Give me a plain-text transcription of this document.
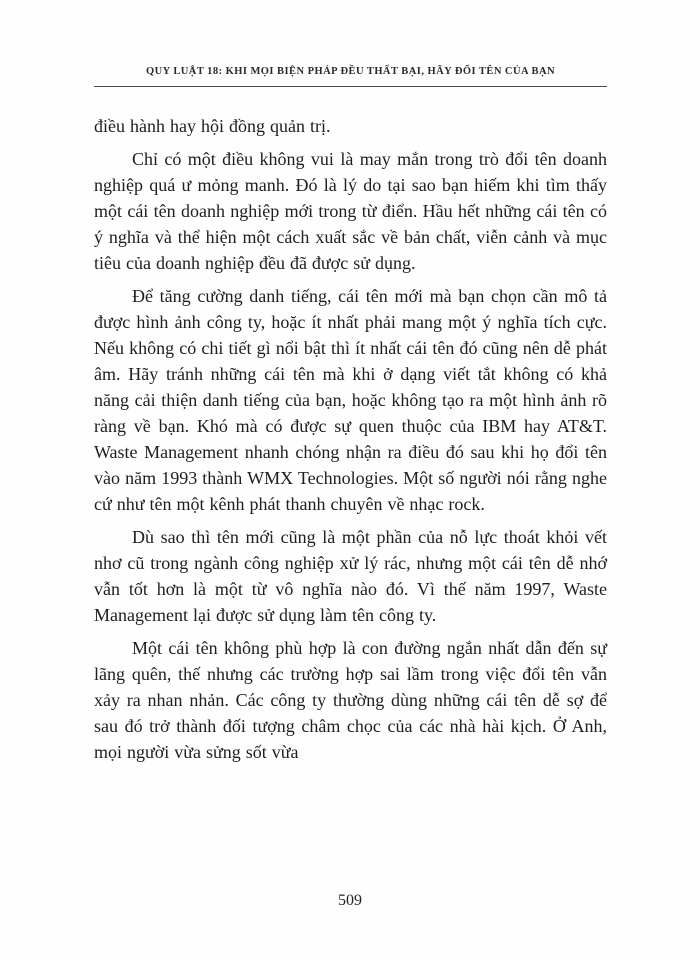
QUY LUẬT 18: KHI MỌI BIỆN PHÁP ĐỀU THẤT BẠI, HÃY ĐỔI TÊN CỦA BẠN

điều hành hay hội đồng quản trị.

Chỉ có một điều không vui là may mắn trong trò đổi tên doanh nghiệp quá ư mỏng manh. Đó là lý do tại sao bạn hiếm khi tìm thấy một cái tên doanh nghiệp mới trong từ điển. Hầu hết những cái tên có ý nghĩa và thể hiện một cách xuất sắc về bản chất, viễn cảnh và mục tiêu của doanh nghiệp đều đã được sử dụng.

Để tăng cường danh tiếng, cái tên mới mà bạn chọn cần mô tả được hình ảnh công ty, hoặc ít nhất phải mang một ý nghĩa tích cực. Nếu không có chi tiết gì nổi bật thì ít nhất cái tên đó cũng nên dễ phát âm. Hãy tránh những cái tên mà khi ở dạng viết tắt không có khả năng cải thiện danh tiếng của bạn, hoặc không tạo ra một hình ảnh rõ ràng về bạn. Khó mà có được sự quen thuộc của IBM hay AT&T. Waste Management nhanh chóng nhận ra điều đó sau khi họ đổi tên vào năm 1993 thành WMX Technologies. Một số người nói rằng nghe cứ như tên một kênh phát thanh chuyên về nhạc rock.

Dù sao thì tên mới cũng là một phần của nỗ lực thoát khỏi vết nhơ cũ trong ngành công nghiệp xử lý rác, nhưng một cái tên dễ nhớ vẫn tốt hơn là một từ vô nghĩa nào đó. Vì thế năm 1997, Waste Management lại được sử dụng làm tên công ty.

Một cái tên không phù hợp là con đường ngắn nhất dẫn đến sự lãng quên, thế nhưng các trường hợp sai lầm trong việc đổi tên vẫn xảy ra nhan nhản. Các công ty thường dùng những cái tên dễ sợ để sau đó trở thành đối tượng châm chọc của các nhà hài kịch. Ở Anh, mọi người vừa sửng sốt vừa

509
